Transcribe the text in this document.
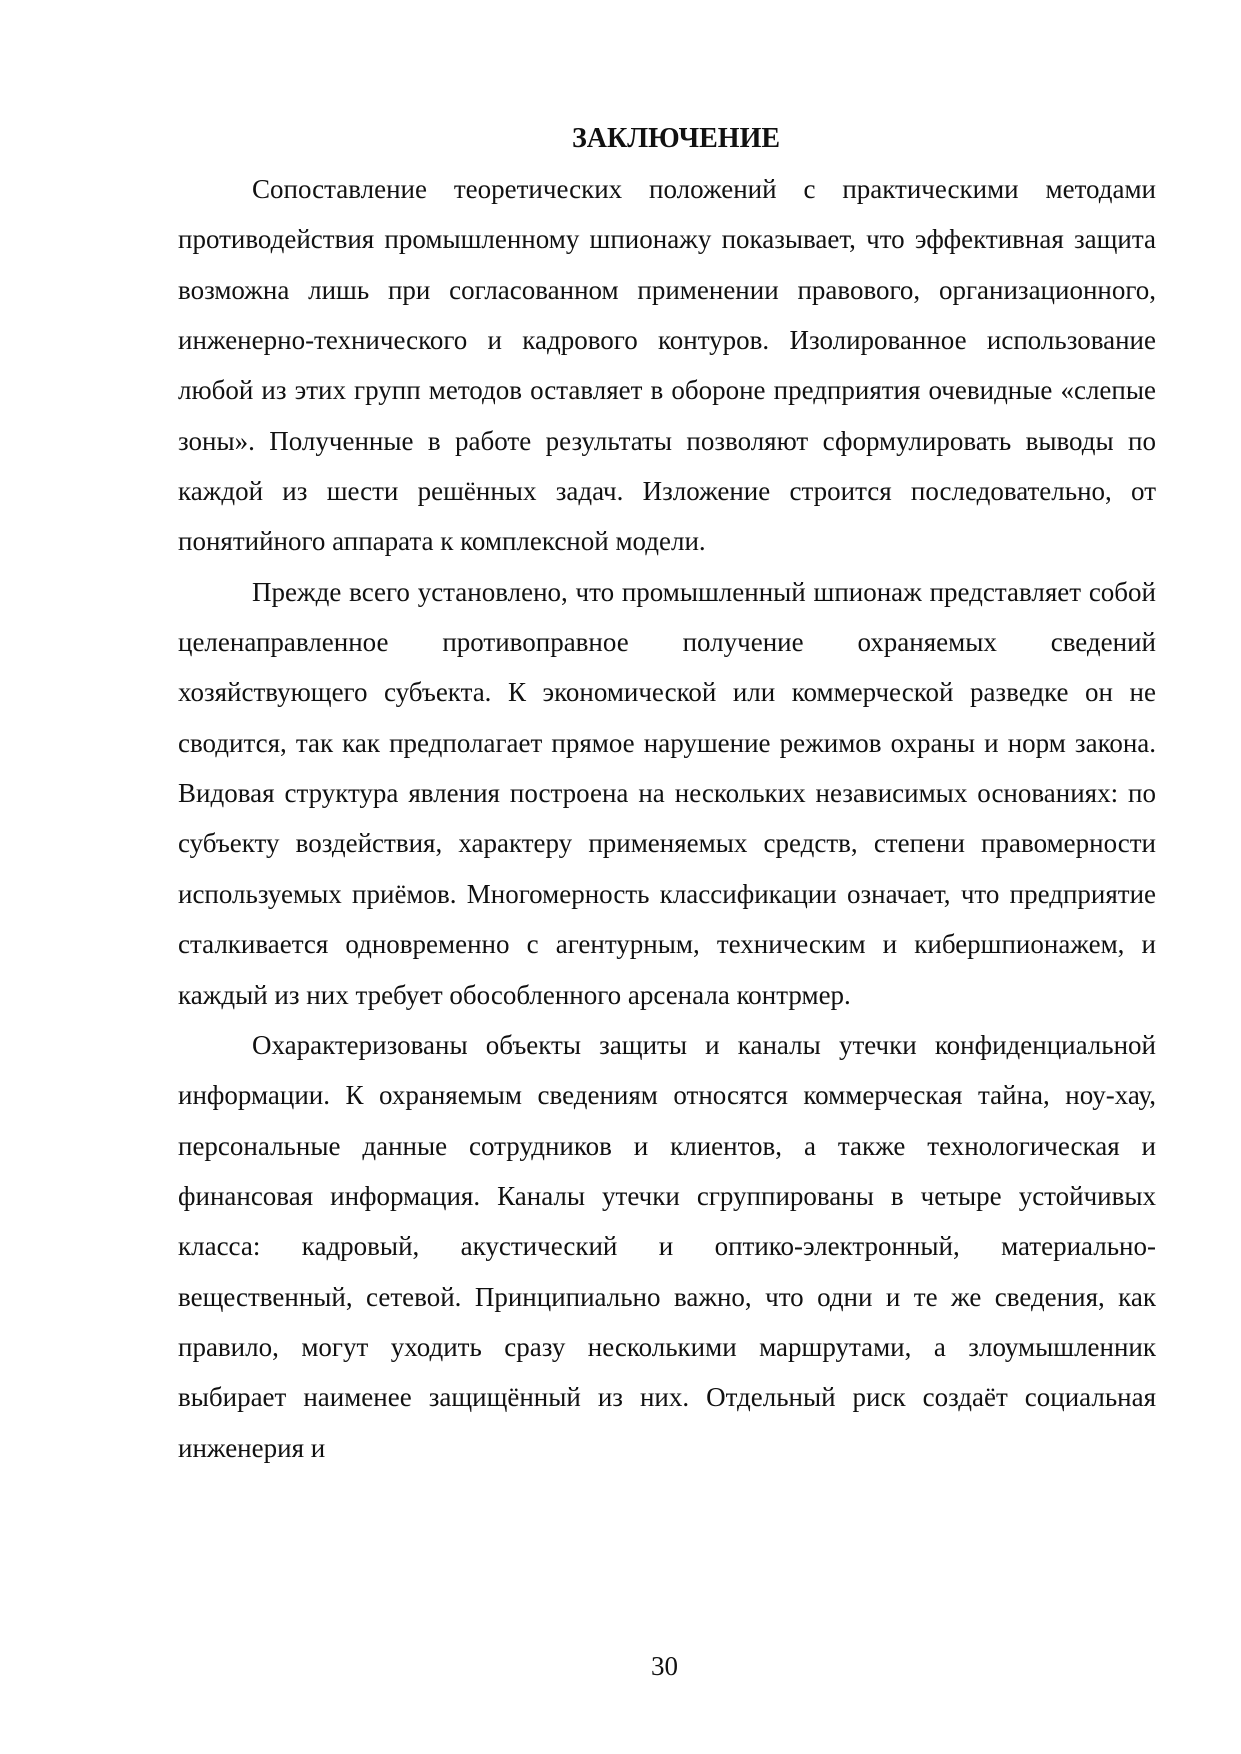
ЗАКЛЮЧЕНИЕ

Сопоставление теоретических положений с практическими методами противодействия промышленному шпионажу показывает, что эффективная защита возможна лишь при согласованном применении правового, организационного, инженерно-технического и кадрового контуров. Изолированное использование любой из этих групп методов оставляет в обороне предприятия очевидные «слепые зоны». Полученные в работе результаты позволяют сформулировать выводы по каждой из шести решённых задач. Изложение строится последовательно, от понятийного аппарата к комплексной модели.

Прежде всего установлено, что промышленный шпионаж представляет собой целенаправленное противоправное получение охраняемых сведений хозяйствующего субъекта. К экономической или коммерческой разведке он не сводится, так как предполагает прямое нарушение режимов охраны и норм закона. Видовая структура явления построена на нескольких независимых основаниях: по субъекту воздействия, характеру применяемых средств, степени правомерности используемых приёмов. Многомерность классификации означает, что предприятие сталкивается одновременно с агентурным, техническим и кибершпионажем, и каждый из них требует обособленного арсенала контрмер.

Охарактеризованы объекты защиты и каналы утечки конфиденциальной информации. К охраняемым сведениям относятся коммерческая тайна, ноу-хау, персональные данные сотрудников и клиентов, а также технологическая и финансовая информация. Каналы утечки сгруппированы в четыре устойчивых класса: кадровый, акустический и оптико-электронный, материально-вещественный, сетевой. Принципиально важно, что одни и те же сведения, как правило, могут уходить сразу несколькими маршрутами, а злоумышленник выбирает наименее защищённый из них. Отдельный риск создаёт социальная инженерия и

30
